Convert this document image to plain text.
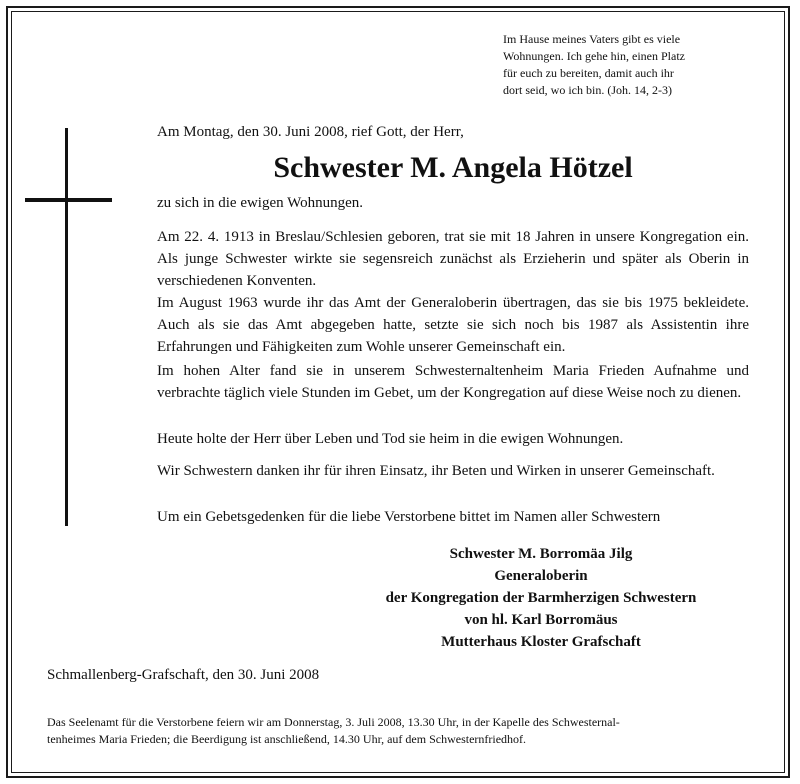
Im Hause meines Vaters gibt es viele
Wohnungen. Ich gehe hin, einen Platz
für euch zu bereiten, damit auch ihr
dort seid, wo ich bin. (Joh. 14, 2-3)

Am Montag, den 30. Juni 2008, rief Gott, der Herr,

Schwester M. Angela Hötzel

zu sich in die ewigen Wohnungen.

Am 22. 4. 1913 in Breslau/Schlesien geboren, trat sie mit 18 Jahren in unsere Kongregation ein. Als junge Schwester wirkte sie segensreich zunächst als Erzieherin und später als Oberin in verschiedenen Konventen.

Im August 1963 wurde ihr das Amt der Generaloberin übertragen, das sie bis 1975 bekleidete. Auch als sie das Amt abgegeben hatte, setzte sie sich noch bis 1987 als Assistentin ihre Erfahrungen und Fähigkeiten zum Wohle unserer Gemeinschaft ein.

Im hohen Alter fand sie in unserem Schwesternaltenheim Maria Frieden Aufnahme und verbrachte täglich viele Stunden im Gebet, um der Kongregation auf diese Weise noch zu dienen.

Heute holte der Herr über Leben und Tod sie heim in die ewigen Wohnungen.

Wir Schwestern danken ihr für ihren Einsatz, ihr Beten und Wirken in unserer Gemeinschaft.

Um ein Gebetsgedenken für die liebe Verstorbene bittet im Namen aller Schwestern

Schwester M. Borromäa Jilg
Generaloberin
der Kongregation der Barmherzigen Schwestern
von hl. Karl Borromäus
Mutterhaus Kloster Grafschaft

Schmallenberg-Grafschaft, den 30. Juni 2008

Das Seelenamt für die Verstorbene feiern wir am Donnerstag, 3. Juli 2008, 13.30 Uhr, in der Kapelle des Schwesternal-
tenheimes Maria Frieden; die Beerdigung ist anschließend, 14.30 Uhr, auf dem Schwesternfriedhof.
